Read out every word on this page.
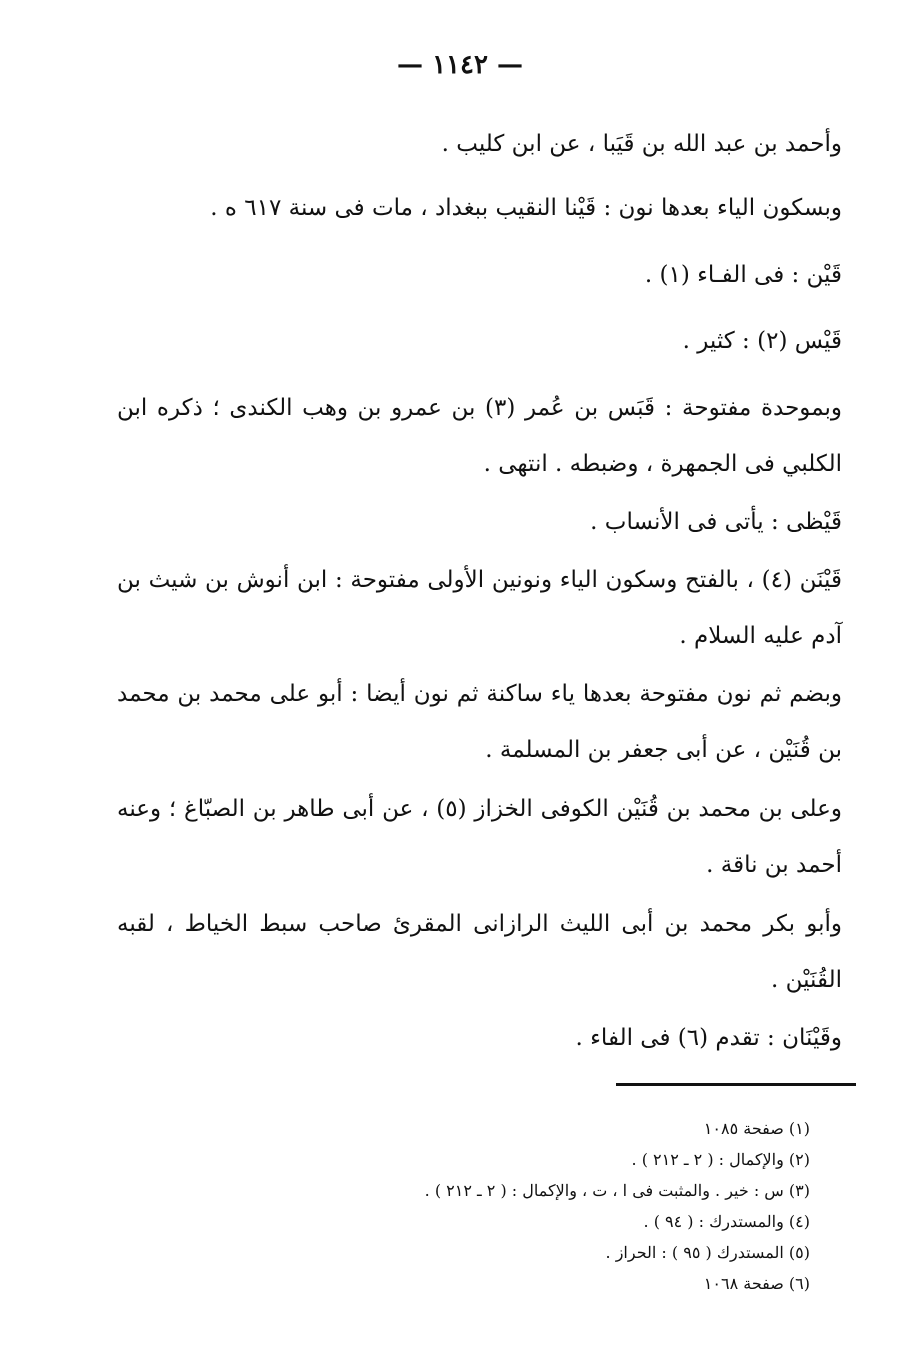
— ١١٤٢ —

وأحمد بن عبد الله بن قَيَبا ، عن ابن كليب .

وبسكون الياء بعدها نون : قَيْنا النقيب ببغداد ، مات فى سنة ٦١٧ ه .

قَيْن : فى الفـاء (١) .

قَيْس (٢) : كثير .

وبموحدة مفتوحة : قَبَس بن عُمر (٣) بن عمرو بن وهب الكندى ؛ ذكره ابن الكلبي فى الجمهرة ، وضبطه . انتهى .

قَيْظى : يأتى فى الأنساب .

قَيْنَن (٤) ، بالفتح وسكون الياء ونونين الأولى مفتوحة : ابن أنوش بن شيث بن آدم عليه السلام .

وبضم ثم نون مفتوحة بعدها ياء ساكنة ثم نون أيضا : أبو على محمد بن محمد بن قُنَيْن ، عن أبى جعفر بن المسلمة .

وعلى بن محمد بن قُنَيْن الكوفى الخزاز (٥) ، عن أبى طاهر بن الصبّاغ ؛ وعنه أحمد بن ناقة .

وأبو بكر محمد بن أبى الليث الرازانى المقرئ صاحب سبط الخياط ، لقبه القُنَيْن .

وقَيْنَان : تقدم (٦) فى الفاء .

(١) صفحة ١٠٨٥
(٢) والإكمال : ( ٢ ـ ٢١٢ ) .
(٣) س : خير . والمثبت فى ا ، ت ، والإكمال : ( ٢ ـ ٢١٢ ) .
(٤) والمستدرك : ( ٩٤ ) .
(٥) المستدرك ( ٩٥ ) : الحراز .
(٦) صفحة ١٠٦٨
